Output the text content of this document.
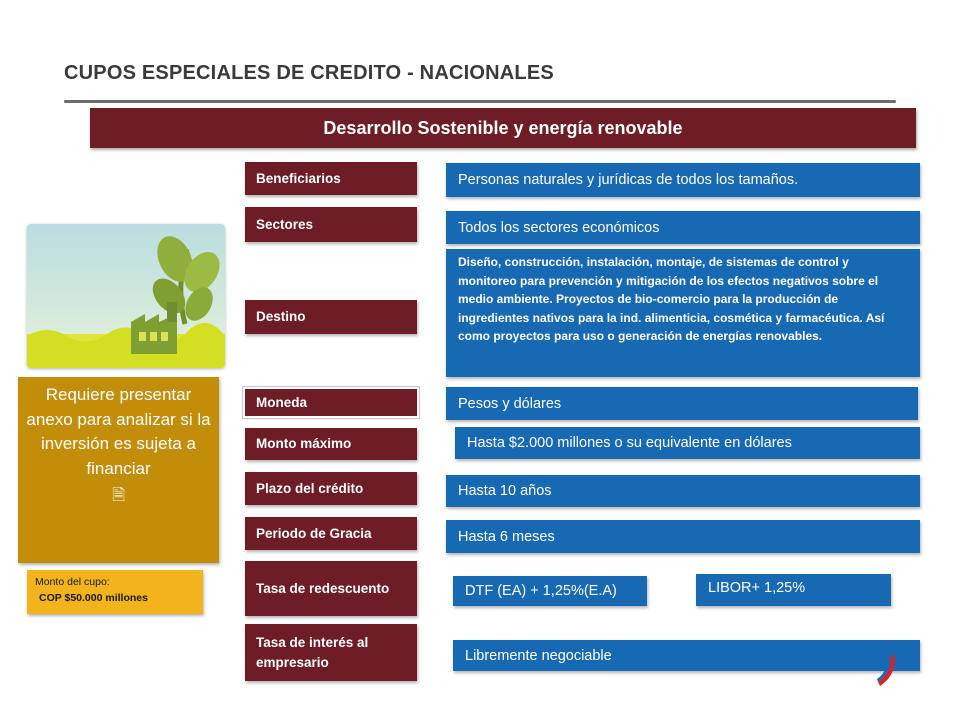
CUPOS ESPECIALES DE CREDITO - NACIONALES
Desarrollo Sostenible y energía renovable
Requiere presentar anexo para analizar si la inversión es sujeta a financiar
🗎
Monto del cupo:
COP $50.000 millones
Beneficiarios
Sectores
Destino
Moneda
Monto máximo
Plazo del crédito
Periodo de Gracia
Tasa de redescuento
Tasa de interés al empresario
Personas naturales y jurídicas de todos los tamaños.
Todos los sectores económicos
Diseño, construcción, instalación, montaje, de sistemas de control y monitoreo para prevención y mitigación de los efectos negativos sobre el medio ambiente. Proyectos de bio-comercio para la producción de ingredientes nativos para la ind. alimenticia, cosmética y farmacéutica. Así como proyectos para uso o generación de energías renovables.
Pesos y dólares
Hasta $2.000 millones o su equivalente en dólares
Hasta 10 años
Hasta 6 meses
DTF (EA) + 1,25%(E.A)	LIBOR+ 1,25%
Libremente negociable
